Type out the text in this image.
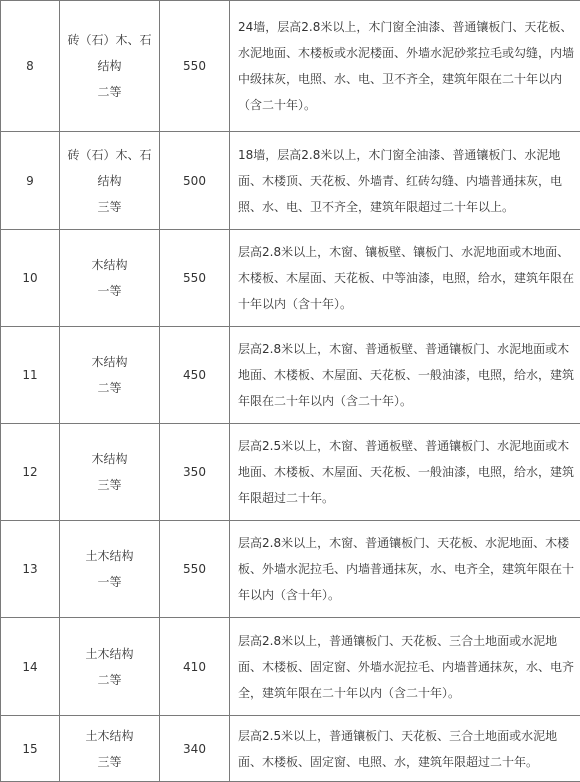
8	砖（石）木、石
结构
二等	550	24墙，层高2.8米以上，木门窗全油漆、普通镶板门、天花板、水泥地面、木楼板或水泥楼面、外墙水泥砂浆拉毛或勾缝，内墙中级抹灰，电照、水、电、卫不齐全，建筑年限在二十年以内（含二十年）。
9	砖（石）木、石
结构
三等	500	18墙，层高2.8米以上，木门窗全油漆、普通镶板门、水泥地面、木楼顶、天花板、外墙青、红砖勾缝、内墙普通抹灰，电照、水、电、卫不齐全，建筑年限超过二十年以上。
10	木结构
一等	550	层高2.8米以上，木窗、镶板壁、镶板门、水泥地面或木地面、木楼板、木屋面、天花板、中等油漆，电照，给水，建筑年限在十年以内（含十年）。
11	木结构
二等	450	层高2.8米以上，木窗、普通板壁、普通镶板门、水泥地面或木地面、木楼板、木屋面、天花板、一般油漆，电照，给水，建筑年限在二十年以内（含二十年）。
12	木结构
三等	350	层高2.5米以上，木窗、普通板壁、普通镶板门、水泥地面或木地面、木楼板、木屋面、天花板、一般油漆，电照，给水，建筑年限超过二十年。
13	土木结构
一等	550	层高2.8米以上，木窗、普通镶板门、天花板、水泥地面、木楼板、外墙水泥拉毛、内墙普通抹灰，水、电齐全，建筑年限在十年以内（含十年）。
14	土木结构
二等	410	层高2.8米以上，普通镶板门、天花板、三合土地面或水泥地面、木楼板、固定窗、外墙水泥拉毛、内墙普通抹灰，水、电齐全，建筑年限在二十年以内（含二十年）。
15	土木结构
三等	340	层高2.5米以上，普通镶板门、天花板、三合土地面或水泥地面、木楼板、固定窗、电照、水，建筑年限超过二十年。
